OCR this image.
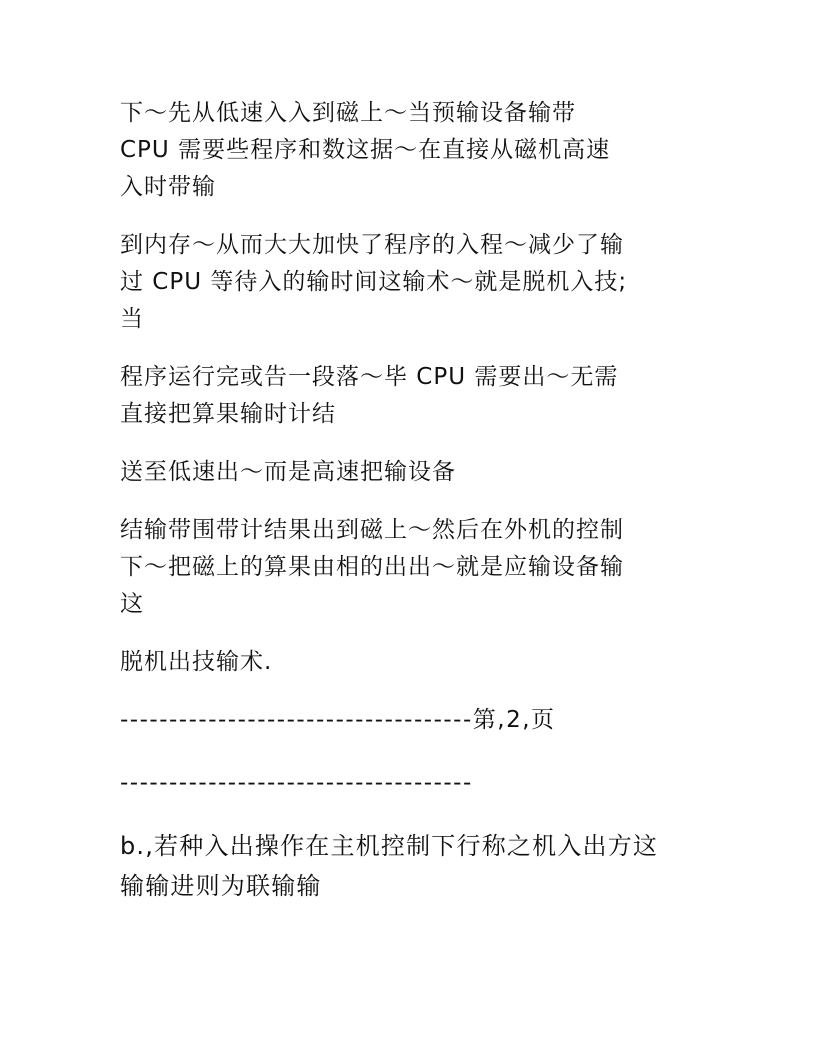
下～先从低速入入到磁上～当预输设备输带
CPU 需要些程序和数这据～在直接从磁机高速
入时带输

到内存～从而大大加快了程序的入程～减少了输
过 CPU 等待入的输时间这输术～就是脱机入技;
当

程序运行完或告一段落～毕 CPU 需要出～无需
直接把算果输时计结

送至低速出～而是高速把输设备

结输带围带计结果出到磁上～然后在外机的控制
下～把磁上的算果由相的出出～就是应输设备输
这

脱机出技输术.

------------------------------------第,2,页

------------------------------------

b.,若种入出操作在主机控制下行称之机入出方这
输输进则为联输输
